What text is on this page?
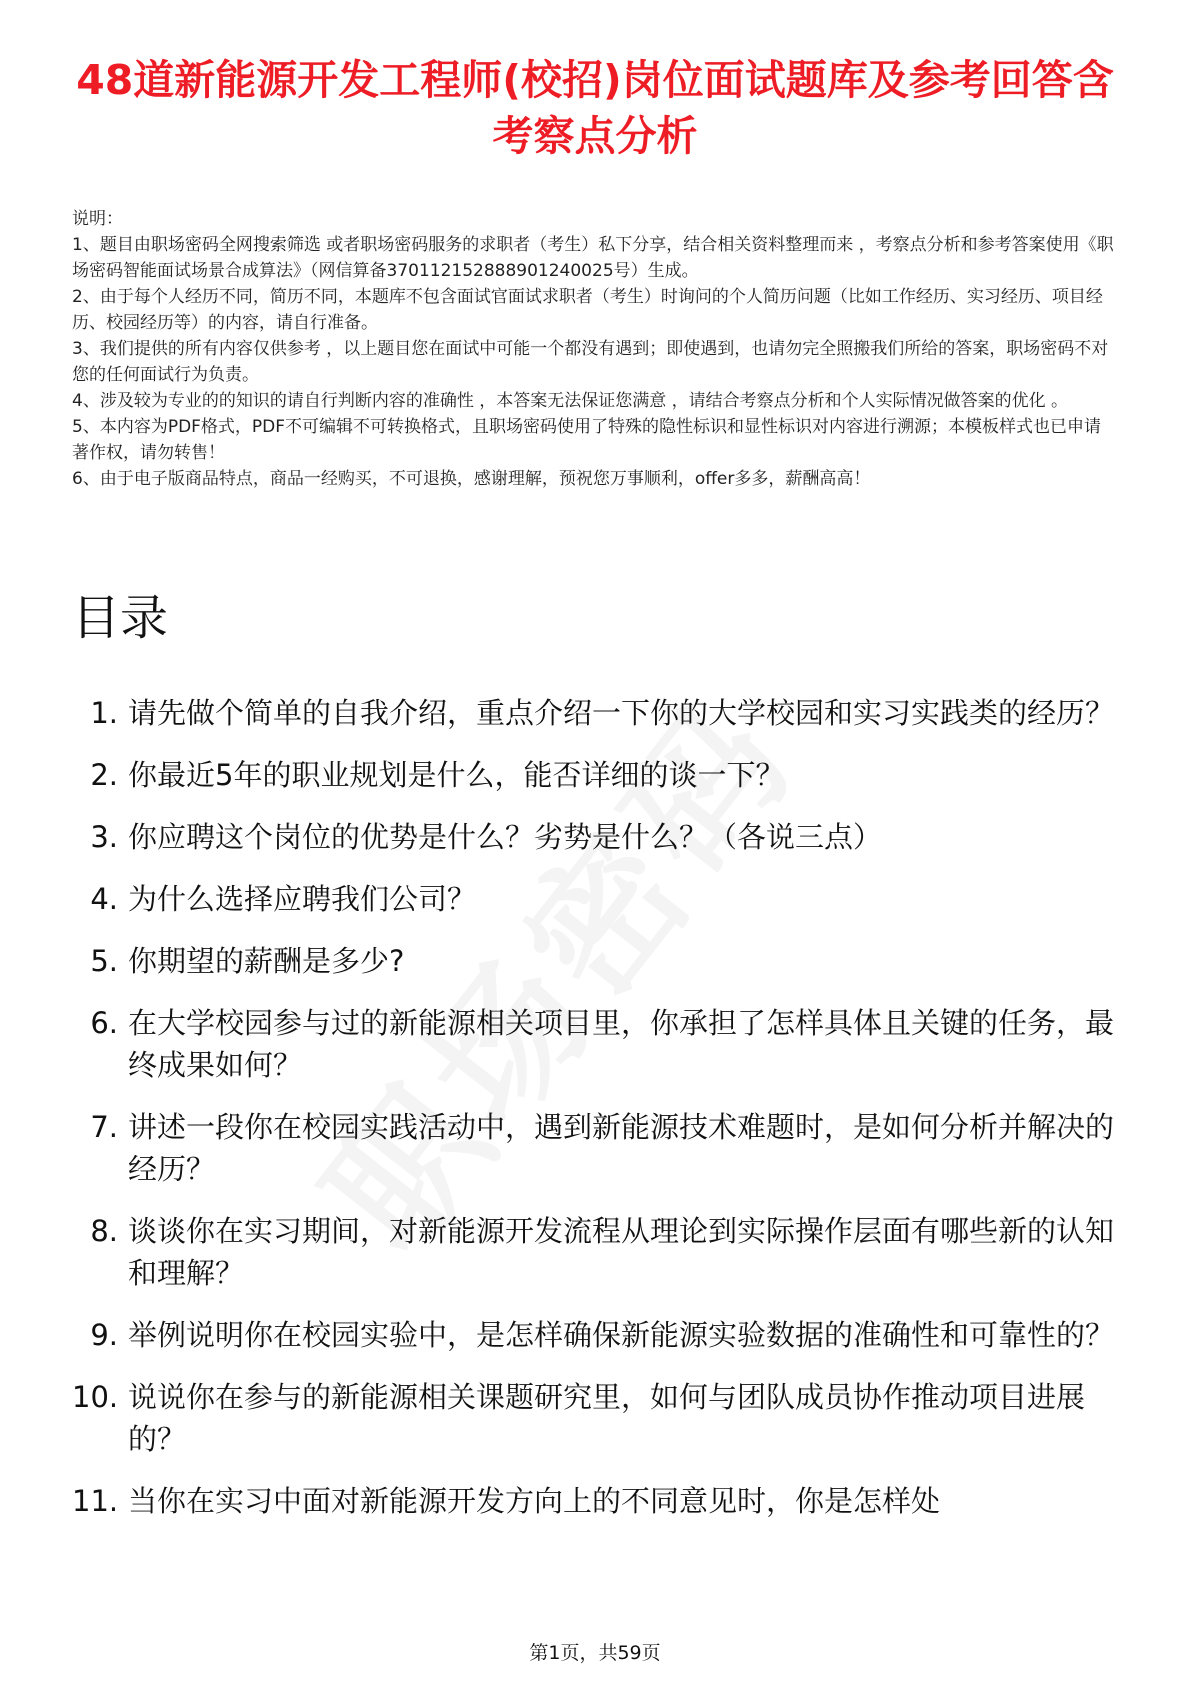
48道新能源开发工程师(校招)岗位面试题库及参考回答含考察点分析

说明：

1、题目由职场密码全网搜索筛选 或者职场密码服务的求职者（考生）私下分享，结合相关资料整理而来 ，考察点分析和参考答案使用《职场密码智能面试场景合成算法》（网信算备370112152888901240025号）生成。

2、由于每个人经历不同，简历不同，本题库不包含面试官面试求职者（考生）时询问的个人简历问题（比如工作经历、实习经历、项目经历、校园经历等）的内容，请自行准备。

3、我们提供的所有内容仅供参考 ，以上题目您在面试中可能一个都没有遇到；即使遇到，也请勿完全照搬我们所给的答案，职场密码不对您的任何面试行为负责。

4、涉及较为专业的的知识的请自行判断内容的准确性 ，本答案无法保证您满意 ，请结合考察点分析和个人实际情况做答案的优化 。

5、本内容为PDF格式，PDF不可编辑不可转换格式，且职场密码使用了特殊的隐性标识和显性标识对内容进行溯源；本模板样式也已申请著作权，请勿转售！

6、由于电子版商品特点，商品一经购买，不可退换，感谢理解，预祝您万事顺利，offer多多，薪酬高高！

目录
1. 请先做个简单的自我介绍，重点介绍一下你的大学校园和实习实践类的经历？
2. 你最近5年的职业规划是什么，能否详细的谈一下？
3. 你应聘这个岗位的优势是什么？劣势是什么？（各说三点）
4. 为什么选择应聘我们公司？
5. 你期望的薪酬是多少?
6. 在大学校园参与过的新能源相关项目里，你承担了怎样具体且关键的任务，最终成果如何？
7. 讲述一段你在校园实践活动中，遇到新能源技术难题时，是如何分析并解决的经历？
8. 谈谈你在实习期间，对新能源开发流程从理论到实际操作层面有哪些新的认知和理解？
9. 举例说明你在校园实验中，是怎样确保新能源实验数据的准确性和可靠性的？
10. 说说你在参与的新能源相关课题研究里，如何与团队成员协作推动项目进展的？
11. 当你在实习中面对新能源开发方向上的不同意见时，你是怎样处
第1页，共59页
